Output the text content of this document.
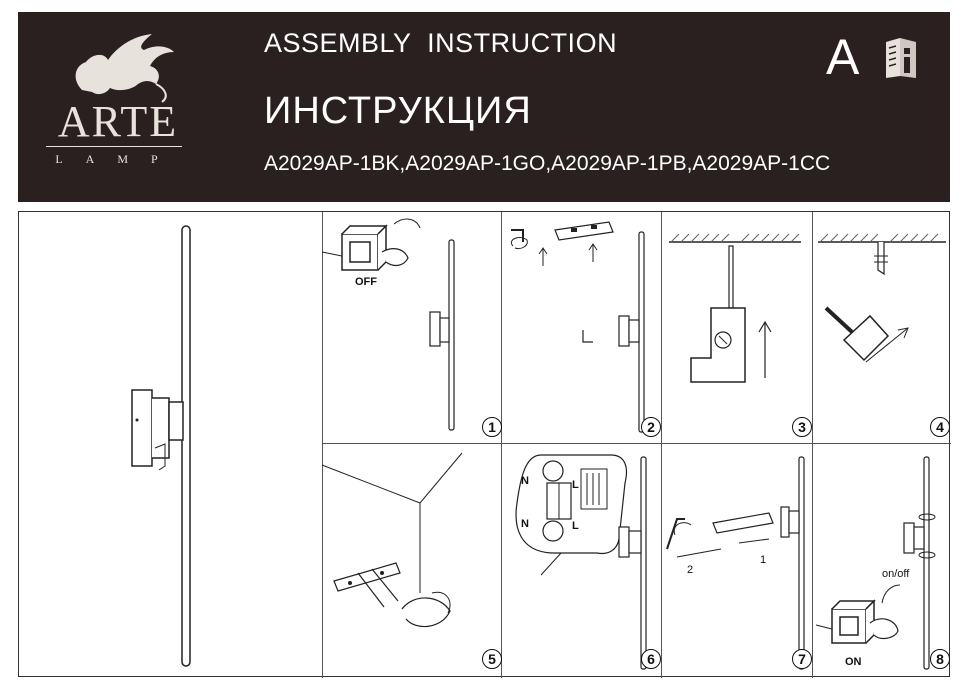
ARTE
LAMP
ASSEMBLY  INSTRUCTION
ИНСТРУКЦИЯ
A2029AP-1BK,A2029AP-1GO,A2029AP-1PB,A2029AP-1CC
A
OFF
1	2	3	4
5
N	L
N	L
6
2
1
7
on/off
ON	8
